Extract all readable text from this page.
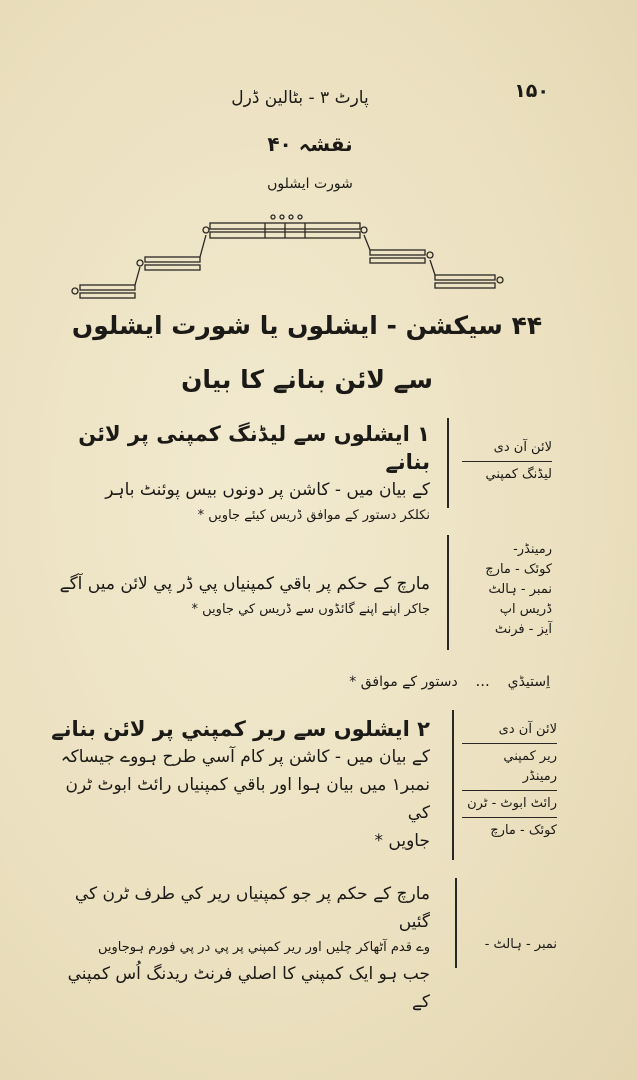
۱۵۰
پارٹ ۳ - بٹالین ڈرل
نقشہ ۴۰
شورت ایشلوں
۴۴ سیکشن - ایشلوں یا شورت ایشلوں
سے لائن بنانے کا بیان
۱ ایشلوں سے لیڈنگ کمپنی پر لائن بنانے
کے بیان میں - کاشن پر دونوں بیس پوئنٹ باہر
نکلکر دستور کے موافق ڈریس کیئے جاویں *
لائن آن دی
لیڈنگ کمپني
مارچ کے حکم پر باقي کمپنیاں پي ڈر پي لائن میں آگے
جاکر اپنے اپنے گائڈوں سے ڈریس کي جاویں *
رمینڈر-
کوئک - مارچ
نمبر - ہالٹ
ڈریس اپ
آیز - فرنٹ
اِستیڈي    ...    دستور کے موافق *
۲ ایشلوں سے ریر کمپني پر لائن بنانے
کے بیان میں - کاشن پر کام آسي طرح ہووے جیساکہ
نمبر۱ میں بیان ہوا اور باقي کمپنیاں رائٹ ابوٹ ٹرن کي
جاویں *
لائن آن دی
ریر کمپني
رمینڈر
رائٹ ابوٹ - ٹرن
کوئک - مارچ
مارچ کے حکم پر جو کمپنیاں ریر کي طرف ٹرن کي گئیں
وے قدم آٹھاکر چلیں اور ریر کمپني پر پي در پي فورم ہوجاویں
جب ہو ایک کمپني کا اصلي فرنٹ ریدنگ اُس کمپني کے
نمبر - ہالٹ -
